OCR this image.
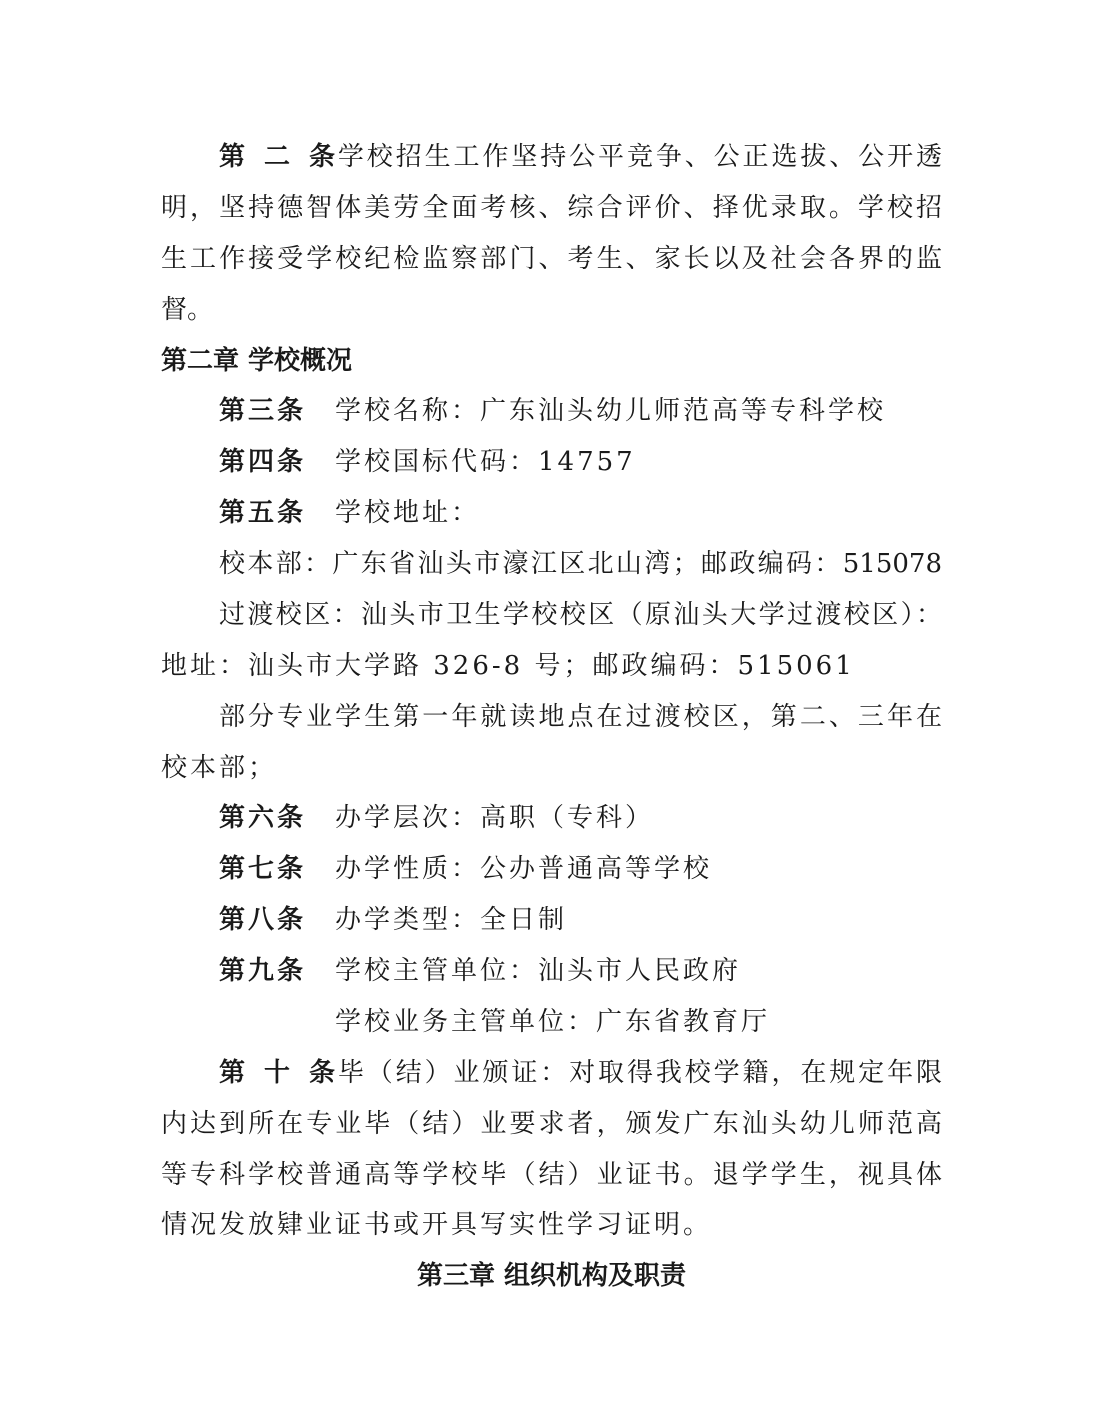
第二条学校招生工作坚持公平竞争、公正选拔、公开透
明，坚持德智体美劳全面考核、综合评价、择优录取。学校招
生工作接受学校纪检监察部门、考生、家长以及社会各界的监
督。
第二章 学校概况
第三条 学校名称：广东汕头幼儿师范高等专科学校
第四条 学校国标代码：14757
第五条 学校地址：
校本部：广东省汕头市濠江区北山湾；邮政编码：515078
过渡校区：汕头市卫生学校校区（原汕头大学过渡校区）：
地址：汕头市大学路 326-8 号；邮政编码：515061
部分专业学生第一年就读地点在过渡校区，第二、三年在
校本部；
第六条 办学层次：高职（专科）
第七条 办学性质：公办普通高等学校
第八条 办学类型：全日制
第九条 学校主管单位：汕头市人民政府
学校业务主管单位：广东省教育厅
第十条毕（结）业颁证：对取得我校学籍，在规定年限
内达到所在专业毕（结）业要求者，颁发广东汕头幼儿师范高
等专科学校普通高等学校毕（结）业证书。退学学生，视具体
情况发放肄业证书或开具写实性学习证明。
第三章 组织机构及职责
